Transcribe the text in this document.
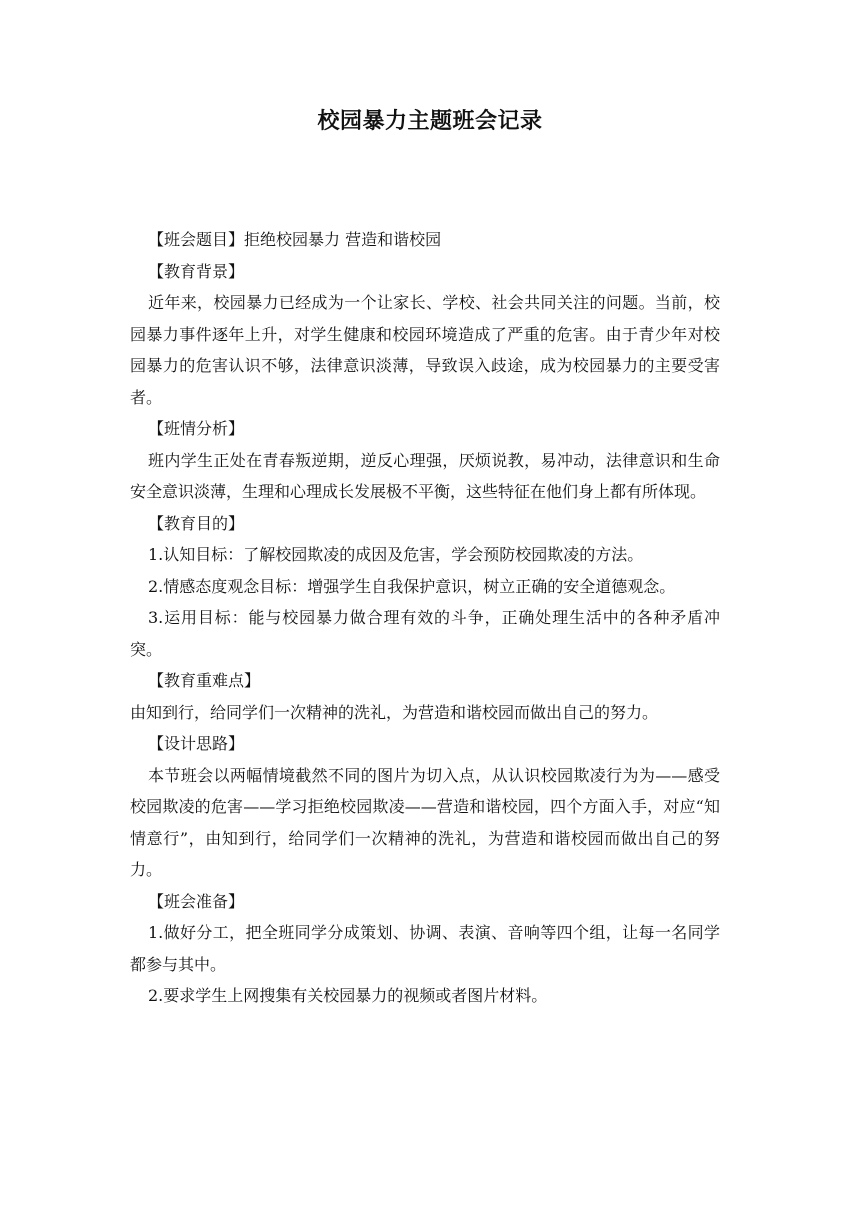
校园暴力主题班会记录

【班会题目】拒绝校园暴力 营造和谐校园

【教育背景】

近年来，校园暴力已经成为一个让家长、学校、社会共同关注的问题。当前，校园暴力事件逐年上升，对学生健康和校园环境造成了严重的危害。由于青少年对校园暴力的危害认识不够，法律意识淡薄，导致误入歧途，成为校园暴力的主要受害者。

【班情分析】

班内学生正处在青春叛逆期，逆反心理强，厌烦说教，易冲动，法律意识和生命安全意识淡薄，生理和心理成长发展极不平衡，这些特征在他们身上都有所体现。

【教育目的】

1.认知目标：了解校园欺凌的成因及危害，学会预防校园欺凌的方法。

2.情感态度观念目标：增强学生自我保护意识，树立正确的安全道德观念。

3.运用目标：能与校园暴力做合理有效的斗争，正确处理生活中的各种矛盾冲突。

【教育重难点】

由知到行，给同学们一次精神的洗礼，为营造和谐校园而做出自己的努力。

【设计思路】

本节班会以两幅情境截然不同的图片为切入点，从认识校园欺凌行为为——感受校园欺凌的危害——学习拒绝校园欺凌——营造和谐校园，四个方面入手，对应“知情意行”，由知到行，给同学们一次精神的洗礼，为营造和谐校园而做出自己的努力。

【班会准备】

1.做好分工，把全班同学分成策划、协调、表演、音响等四个组，让每一名同学都参与其中。

2.要求学生上网搜集有关校园暴力的视频或者图片材料。
